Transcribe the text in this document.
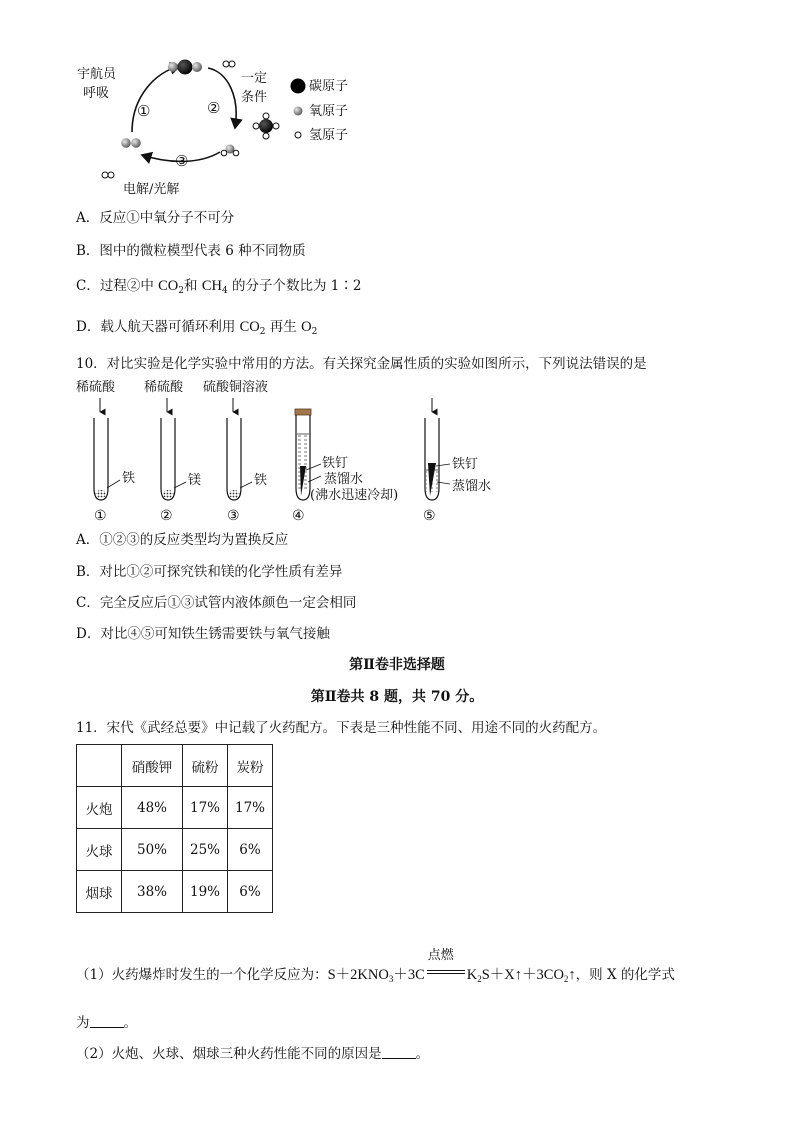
宇航员
呼吸
一定
条件
①	②
③
电解/光解
碳原子
氧原子
氢原子
A．反应①中氧分子不可分
B．图中的微粒模型代表 6 种不同物质
C．过程②中 $CO_2$和 $CH_4$ 的分子个数比为 1∶2
D．载人航天器可循环利用 $CO_2$ 再生 $O_2$
10．对比实验是化学实验中常用的方法。有关探究金属性质的实验如图所示，下列说法错误的是
稀硫酸 稀硫酸 硫酸铜溶液
铁	镁	铁
铁钉
蒸馏水
(沸水迅速冷却)
铁钉
蒸馏水
①	②	③	④	⑤
A．①②③的反应类型均为置换反应
B．对比①②可探究铁和镁的化学性质有差异
C．完全反应后①③试管内液体颜色一定会相同
D．对比④⑤可知铁生锈需要铁与氧气接触
第Ⅱ卷非选择题
第Ⅱ卷共 8 题，共 70 分。
11．宋代《武经总要》中记载了火药配方。下表是三种性能不同、用途不同的火药配方。
	硝酸钾	硫粉	炭粉
火炮	48%	17%	17%
火球	50%	25%	6%
烟球	38%	19%	6%
（1）火药爆炸时发生的一个化学反应为：$S+2KNO_3+3C$
点燃
$K_2S+X↑+3CO_2↑$，则 X 的化学式
为	。
（2）火炮、火球、烟球三种火药性能不同的原因是	。
